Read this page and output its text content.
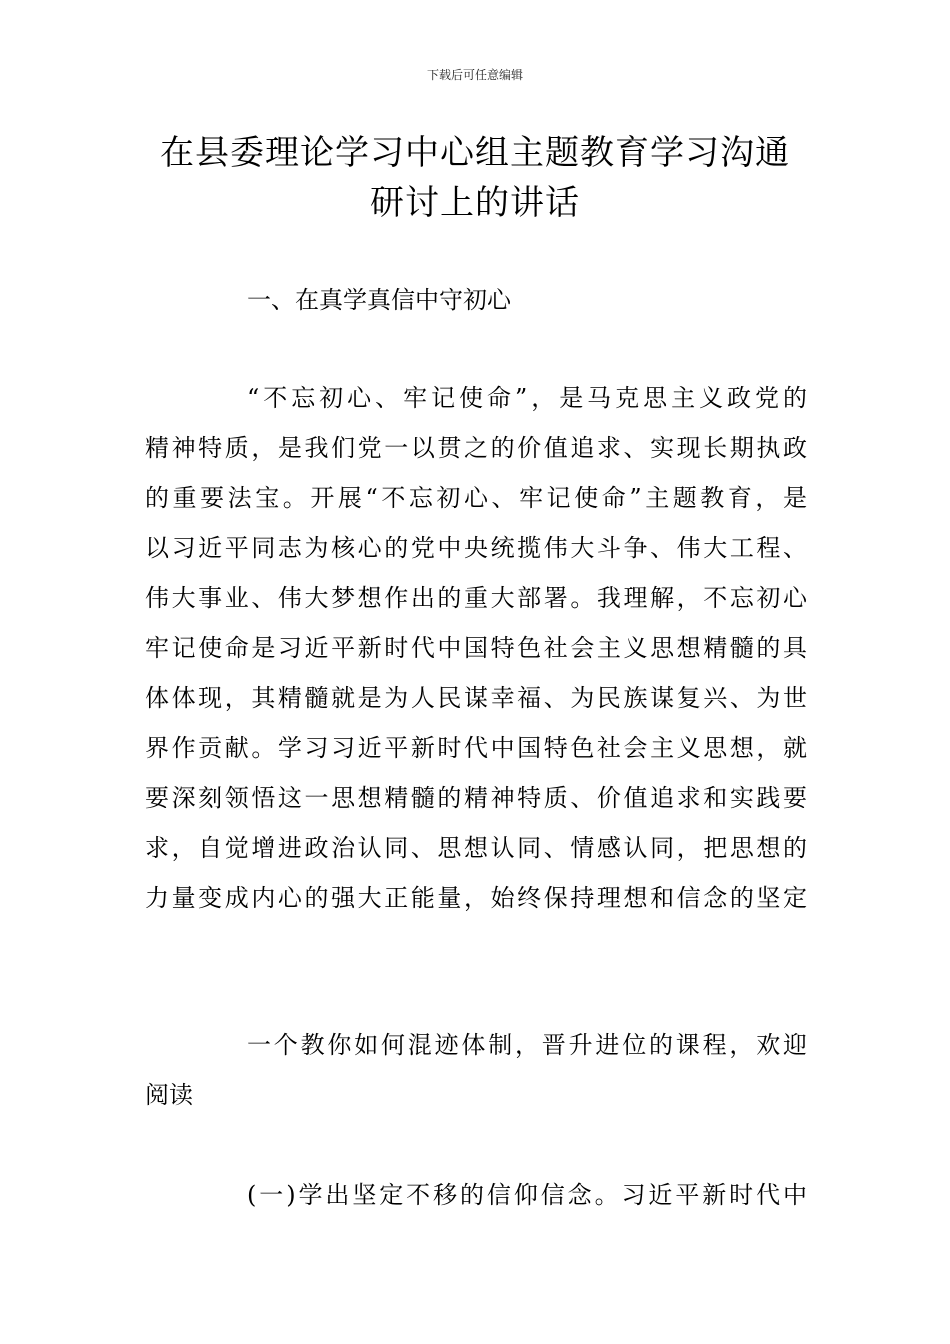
下载后可任意编辑
在县委理论学习中心组主题教育学习沟通
研讨上的讲话
一、在真学真信中守初心
“不忘初心、牢记使命”，是马克思主义政党的
精神特质，是我们党一以贯之的价值追求、实现长期执政
的重要法宝。开展“不忘初心、牢记使命”主题教育，是
以习近平同志为核心的党中央统揽伟大斗争、伟大工程、
伟大事业、伟大梦想作出的重大部署。我理解，不忘初心
牢记使命是习近平新时代中国特色社会主义思想精髓的具
体体现，其精髓就是为人民谋幸福、为民族谋复兴、为世
界作贡献。学习习近平新时代中国特色社会主义思想，就
要深刻领悟这一思想精髓的精神特质、价值追求和实践要
求，自觉增进政治认同、思想认同、情感认同，把思想的
力量变成内心的强大正能量，始终保持理想和信念的坚定
一个教你如何混迹体制，晋升进位的课程，欢迎
阅读
(一)学出坚定不移的信仰信念。习近平新时代中
